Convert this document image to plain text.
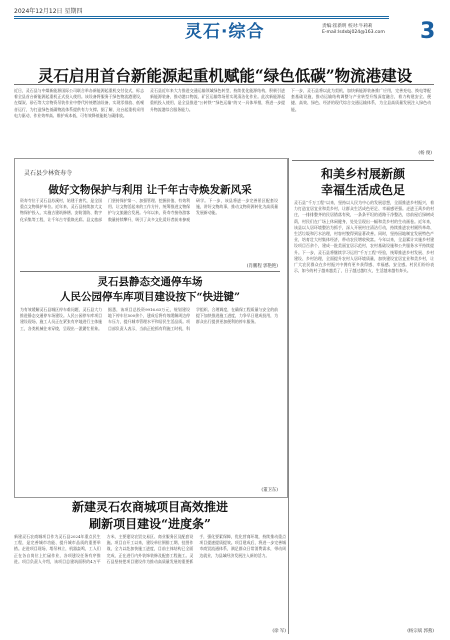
2024年12月12日 星期四
灵石·综合	责编:崔新明 校对:牛莉莉
E-mail:lsdxbj024@163.com 3
灵石启用首台新能源起重机赋能“绿色低碳”物流港建设
近日，灵石县与中煤新能源国际公司联合举办新能源起重机交付仪式，标志着全县首台新能源起重机正式投入使用。该设备将服务于绿色物流港建设，在煤炭、砂石等大宗物资吊装作业中替代传统燃油设备，实现零排放、低噪音运行，为打造绿色低碳物流体系提供有力支撑。据了解，这台起重机采用电力驱动，作业效率高、维护成本低，可有效降低能耗与碳排放。
灵石县近年来大力推进交通运输领域绿色转型，持续优化能源结构，积极引进新能源装备，推动港口物流、矿区运输等场景实现清洁化作业。此次新能源起重机投入使用，是全县推进“公转铁”“绿色运输”的又一具体举措，将进一步提升物流港综合服务能力。
下一步，灵石县将以此为契机，加快新能源装备推广应用，完善充电、换电等配套基础设施，推动运输结构调整与产业转型升级深度融合，着力构建安全、便捷、高效、绿色、经济的现代综合交通运输体系，为全县高质量发展注入绿色动能。
(杨 俊)
灵石县少林资寿寺
做好文物保护与利用 让千年古寺焕发新风采
资寿寺位于灵石县苏溪村，始建于唐代，是全国重点文物保护单位。近年来，灵石县持续加大文物保护投入，实施古建筑修缮、安防消防、数字化采集等工程，让千年古寺重焕光彩。县文旅部门坚持保护第一、加强管理、挖掘价值、有效利用、让文物活起来的工作方针，统筹推进文物保护与文旅融合发展。今年以来，资寿寺接待游客数量持续攀升，吸引了众多文化爱好者前来参观研学。下一步，该县将进一步完善景区配套设施，讲好文物故事，推动文物资源转化为高质量发展新动能。
(肖鹏程 郭艳艳)
灵石县静态交通停车场
人民公园停车库项目建设按下“快进键”
为有效缓解灵石县城区停车难问题，灵石县大力推进静态交通停车场建设。人民公园停车库项目建设现场，施工人员正在紧张有序地进行主体施工，各类机械往来穿梭，呈现出一派繁忙景象。据悉，该项目总投资9916.63万元，规划建设地下停车位500余个，建成后将有效缓解周边停车压力，提升城市管理水平和居民生活品质。项目部负责人表示，当前正抢抓有利施工时机，科学组织、合理调度，在确保工程质量与安全的前提下加快推进施工进度，力争早日建成投用，为群众出行提供更加便利的停车服务。
(董卫东)
新建灵石农商城项目高效推进
刷新项目建设“进度条”
新建灵石农商城项目作为灵石县2024年重点民生工程，是完善城市功能、提升城市品质的重要举措。走进项目现场，塔吊林立，机器轰鸣，工人们正在各自岗位上忙碌作业，各项建设任务有序推进。项目负责人介绍，该项目总建筑面积约4万平方米，主要建设农贸交易区、商业服务区及配套设施。项目自开工以来，建设单位倒排工期、挂图作战，全力以赴加快施工进度，目前主体结构已全面完成，正在进行内外装饰装修及配套工程施工。灵石县坚持把项目建设作为推动高质量发展的重要抓手，强化要素保障，优化营商环境，持续推动重点项目提速提质提效。项目建成后，将进一步完善城市商贸流通体系，满足群众日常消费需求，带动周边就业，为县域经济发展注入新的活力。
(徐 军)
和美乡村展新颜
幸福生活成色足
灵石县“千万工程”以来，坚持以人民为中心的发展思想，全面推进乡村振兴，着力打造宜居宜业和美乡村，让群众生活成色更足、幸福感更强。走进王禹乡的村庄，一排排整齐的民居错落有致，一条条平坦的道路干净整洁，房前屋后绿树成荫，村民们在广场上休闲健身，处处呈现出一幅和美乡村的生动画卷。近年来，该县以人居环境整治为抓手，深入开展村庄清洁行动，持续推进农村厕所革命、生活垃圾和污水治理，村容村貌得到显著改善。同时，坚持因地制宜发展特色产业，培育壮大村集体经济，带动农民增收致富。今年以来，全县累计实施乡村建设项目百余个，建成一批美丽宜居示范村，农村基础设施和公共服务水平持续提升。下一步，灵石县将继续学习运用“千万工程”经验，统筹推进乡村发展、乡村建设、乡村治理，全面提升农村人居环境质量，加快建设宜居宜业和美乡村，让广大农民群众在乡村振兴中拥有更多获得感、幸福感、安全感。村民们纷纷表示，如今的村子越来越美了，日子越过越红火，生活越来越有奔头。
(杨宗斌 郭燕)
